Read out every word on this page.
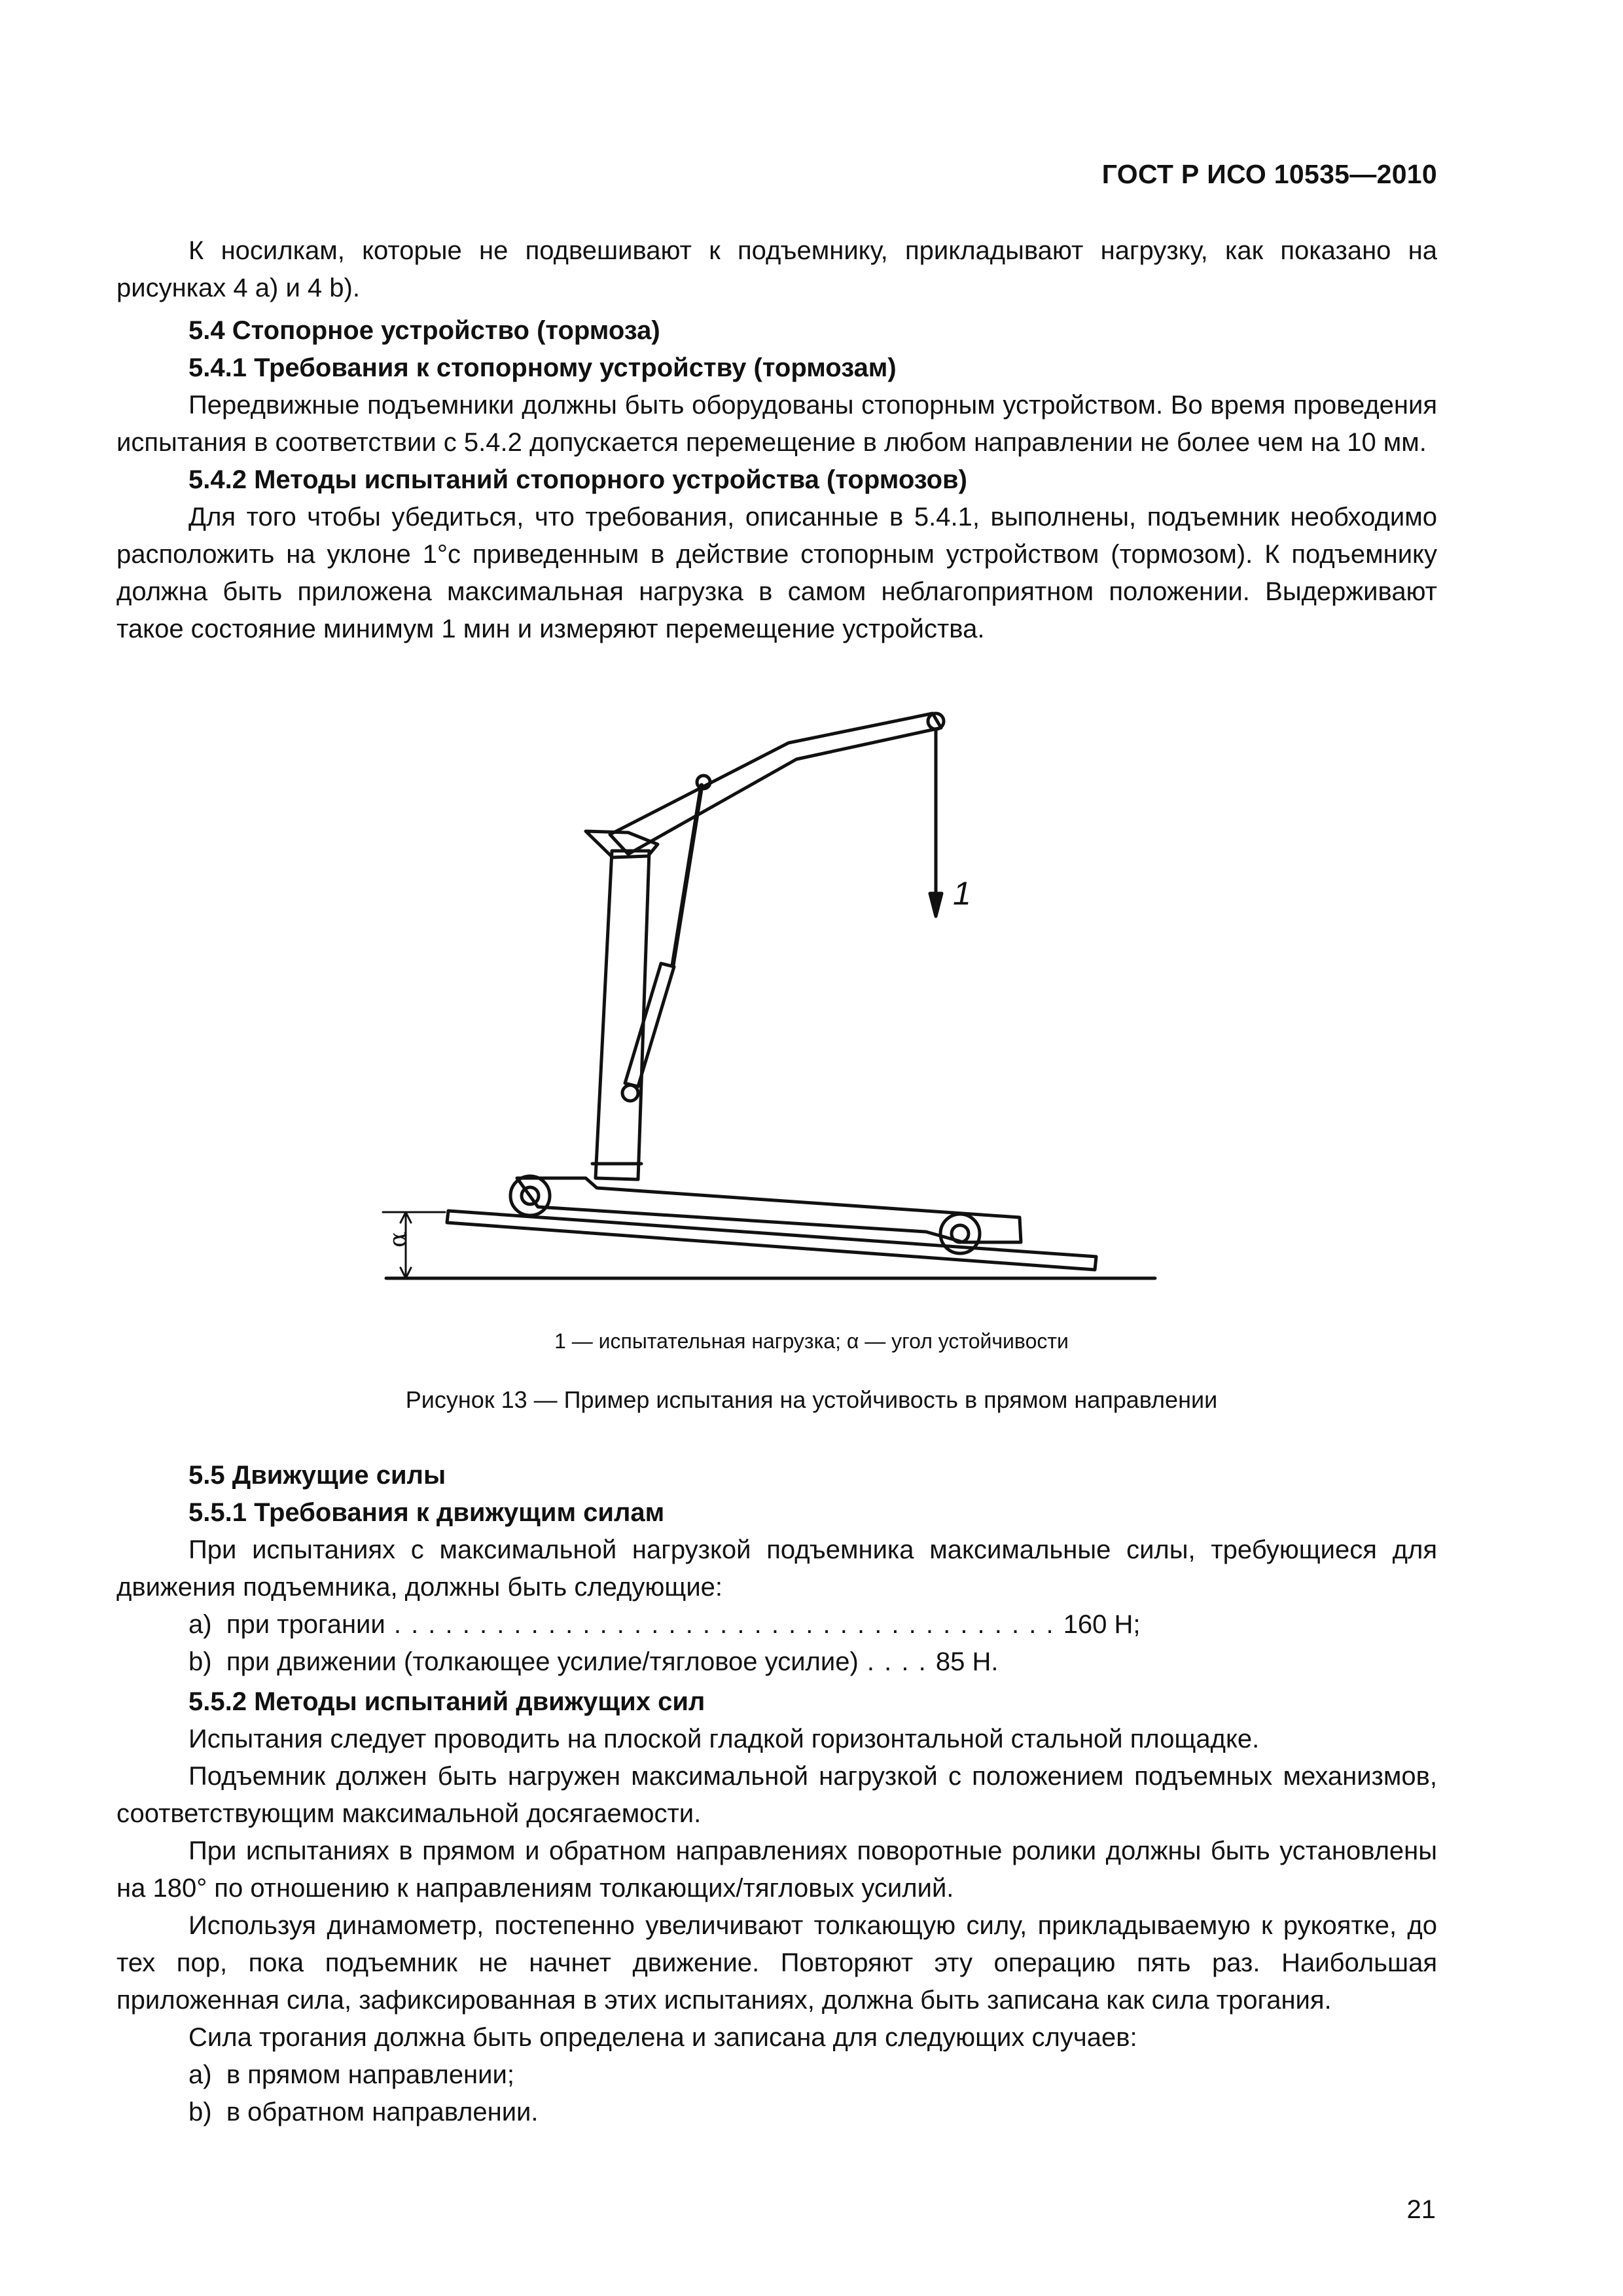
ГОСТ Р ИСО 10535—2010

К носилкам, которые не подвешивают к подъемнику, прикладывают нагрузку, как показано на рисунках 4 а) и 4 b).

5.4 Стопорное устройство (тормоза)

5.4.1 Требования к стопорному устройству (тормозам)

Передвижные подъемники должны быть оборудованы стопорным устройством. Во время проведения испытания в соответствии с 5.4.2 допускается перемещение в любом направлении не более чем на 10 мм.

5.4.2 Методы испытаний стопорного устройства (тормозов)

Для того чтобы убедиться, что требования, описанные в 5.4.1, выполнены, подъемник необходимо расположить на уклоне 1°с приведенным в действие стопорным устройством (тормозом). К подъемнику должна быть приложена максимальная нагрузка в самом неблагоприятном положении. Выдерживают такое состояние минимум 1 мин и измеряют перемещение устройства.

1
α
1 — испытательная нагрузка; α — угол устойчивости
Рисунок 13 — Пример испытания на устойчивость в прямом направлении

5.5 Движущие силы

5.5.1 Требования к движущим силам

При испытаниях с максимальной нагрузкой подъемника максимальные силы, требующиеся для движения подъемника, должны быть следующие:

a) при трогании . . . . . . . . . . . . . . . . . . . . . . . . . . . . . . . . . . . . . . . 160 Н;

b) при движении (толкающее усилие/тягловое усилие) . . . . 85 Н.

5.5.2 Методы испытаний движущих сил

Испытания следует проводить на плоской гладкой горизонтальной стальной площадке.

Подъемник должен быть нагружен максимальной нагрузкой с положением подъемных механизмов, соответствующим максимальной досягаемости.

При испытаниях в прямом и обратном направлениях поворотные ролики должны быть установлены на 180° по отношению к направлениям толкающих/тягловых усилий.

Используя динамометр, постепенно увеличивают толкающую силу, прикладываемую к рукоятке, до тех пор, пока подъемник не начнет движение. Повторяют эту операцию пять раз. Наибольшая приложенная сила, зафиксированная в этих испытаниях, должна быть записана как сила трогания.

Сила трогания должна быть определена и записана для следующих случаев:

a) в прямом направлении;

b) в обратном направлении.

21
